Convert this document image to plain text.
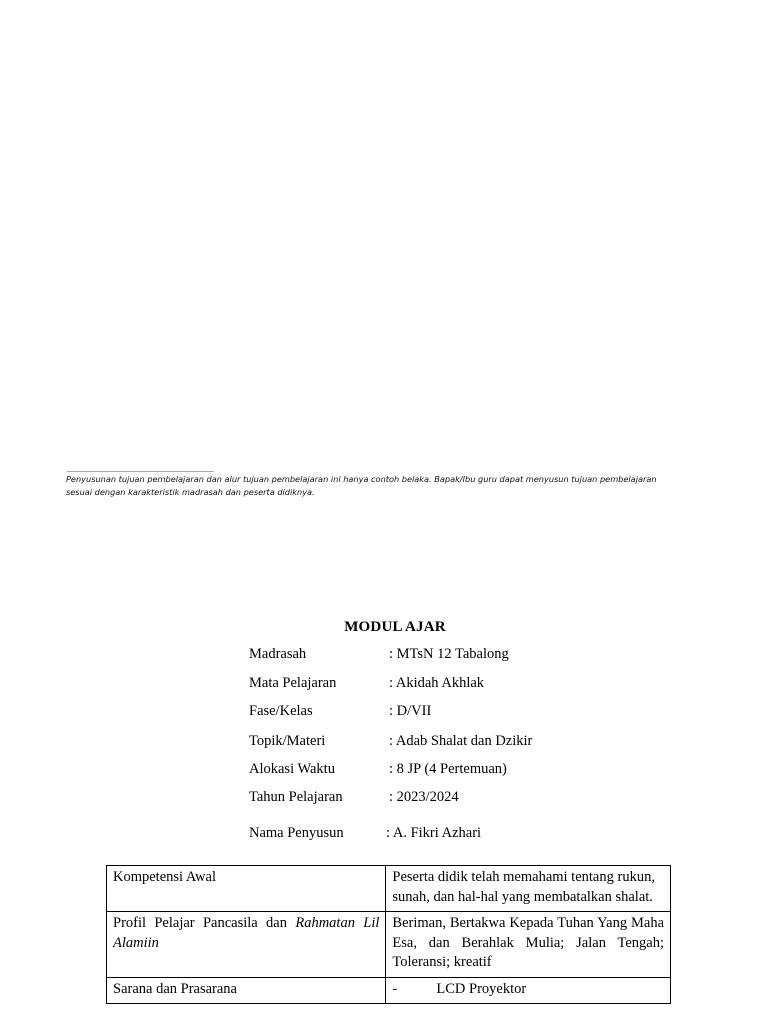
Penyusunan tujuan pembelajaran dan alur tujuan pembelajaran ini hanya contoh belaka. Bapak/Ibu guru dapat menyusun tujuan pembelajaran
sesuai dengan karakteristik madrasah dan peserta didiknya.
MODUL AJAR
Madrasah	: MTsN 12 Tabalong
Mata Pelajaran	: Akidah Akhlak
Fase/Kelas	: D/VII
Topik/Materi	: Adab Shalat dan Dzikir
Alokasi Waktu	: 8 JP (4 Pertemuan)
Tahun Pelajaran	: 2023/2024
Nama Penyusun	: A. Fikri Azhari
Kompetensi Awal	Peserta didik telah memahami tentang rukun, sunah, dan hal-hal yang membatalkan shalat.
Profil Pelajar Pancasila dan Rahmatan Lil Alamiin	Beriman, Bertakwa Kepada Tuhan Yang Maha Esa, dan Berahlak Mulia; Jalan Tengah; Toleransi; kreatif
Sarana dan Prasarana	- LCD Proyektor
